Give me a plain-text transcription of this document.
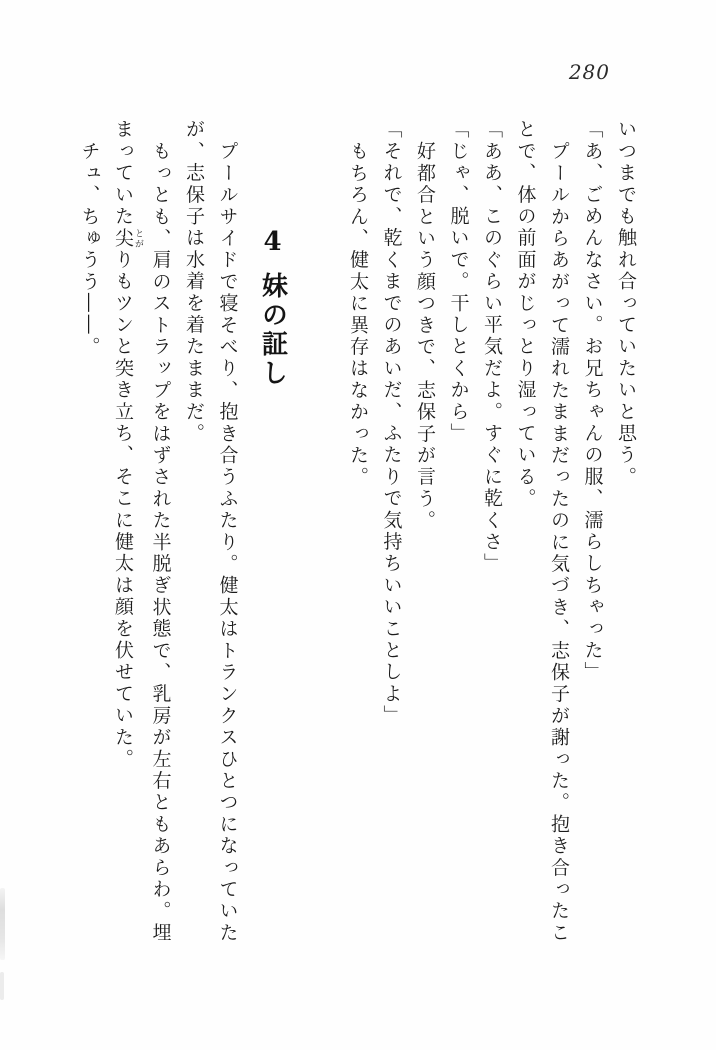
280

いつまでも触れ合っていたいと思う。

「あ、ごめんなさい。お兄ちゃんの服、濡らしちゃった」

プールからあがって濡れたままだったのに気づき、志保子が謝った。抱き合ったこ

とで、体の前面がじっとり湿っている。

「ああ、このぐらい平気だよ。すぐに乾くさ」

「じゃ、脱いで。干しとくから」

好都合という顔つきで、志保子が言う。

「それで、乾くまでのあいだ、ふたりで気持ちいいことしよ」

もちろん、健太に異存はなかった。

4妹の証し

プールサイドで寝そべり、抱き合うふたり。健太はトランクスひとつになっていた

が、志保子は水着を着たままだ。

もっとも、肩のストラップをはずされた半脱ぎ状態で、乳房が左右ともあらわ。埋

まっていた尖 とがりもツンと突き立ち、そこに健太は顔を伏せていた。

チュ、ちゅうう――。
